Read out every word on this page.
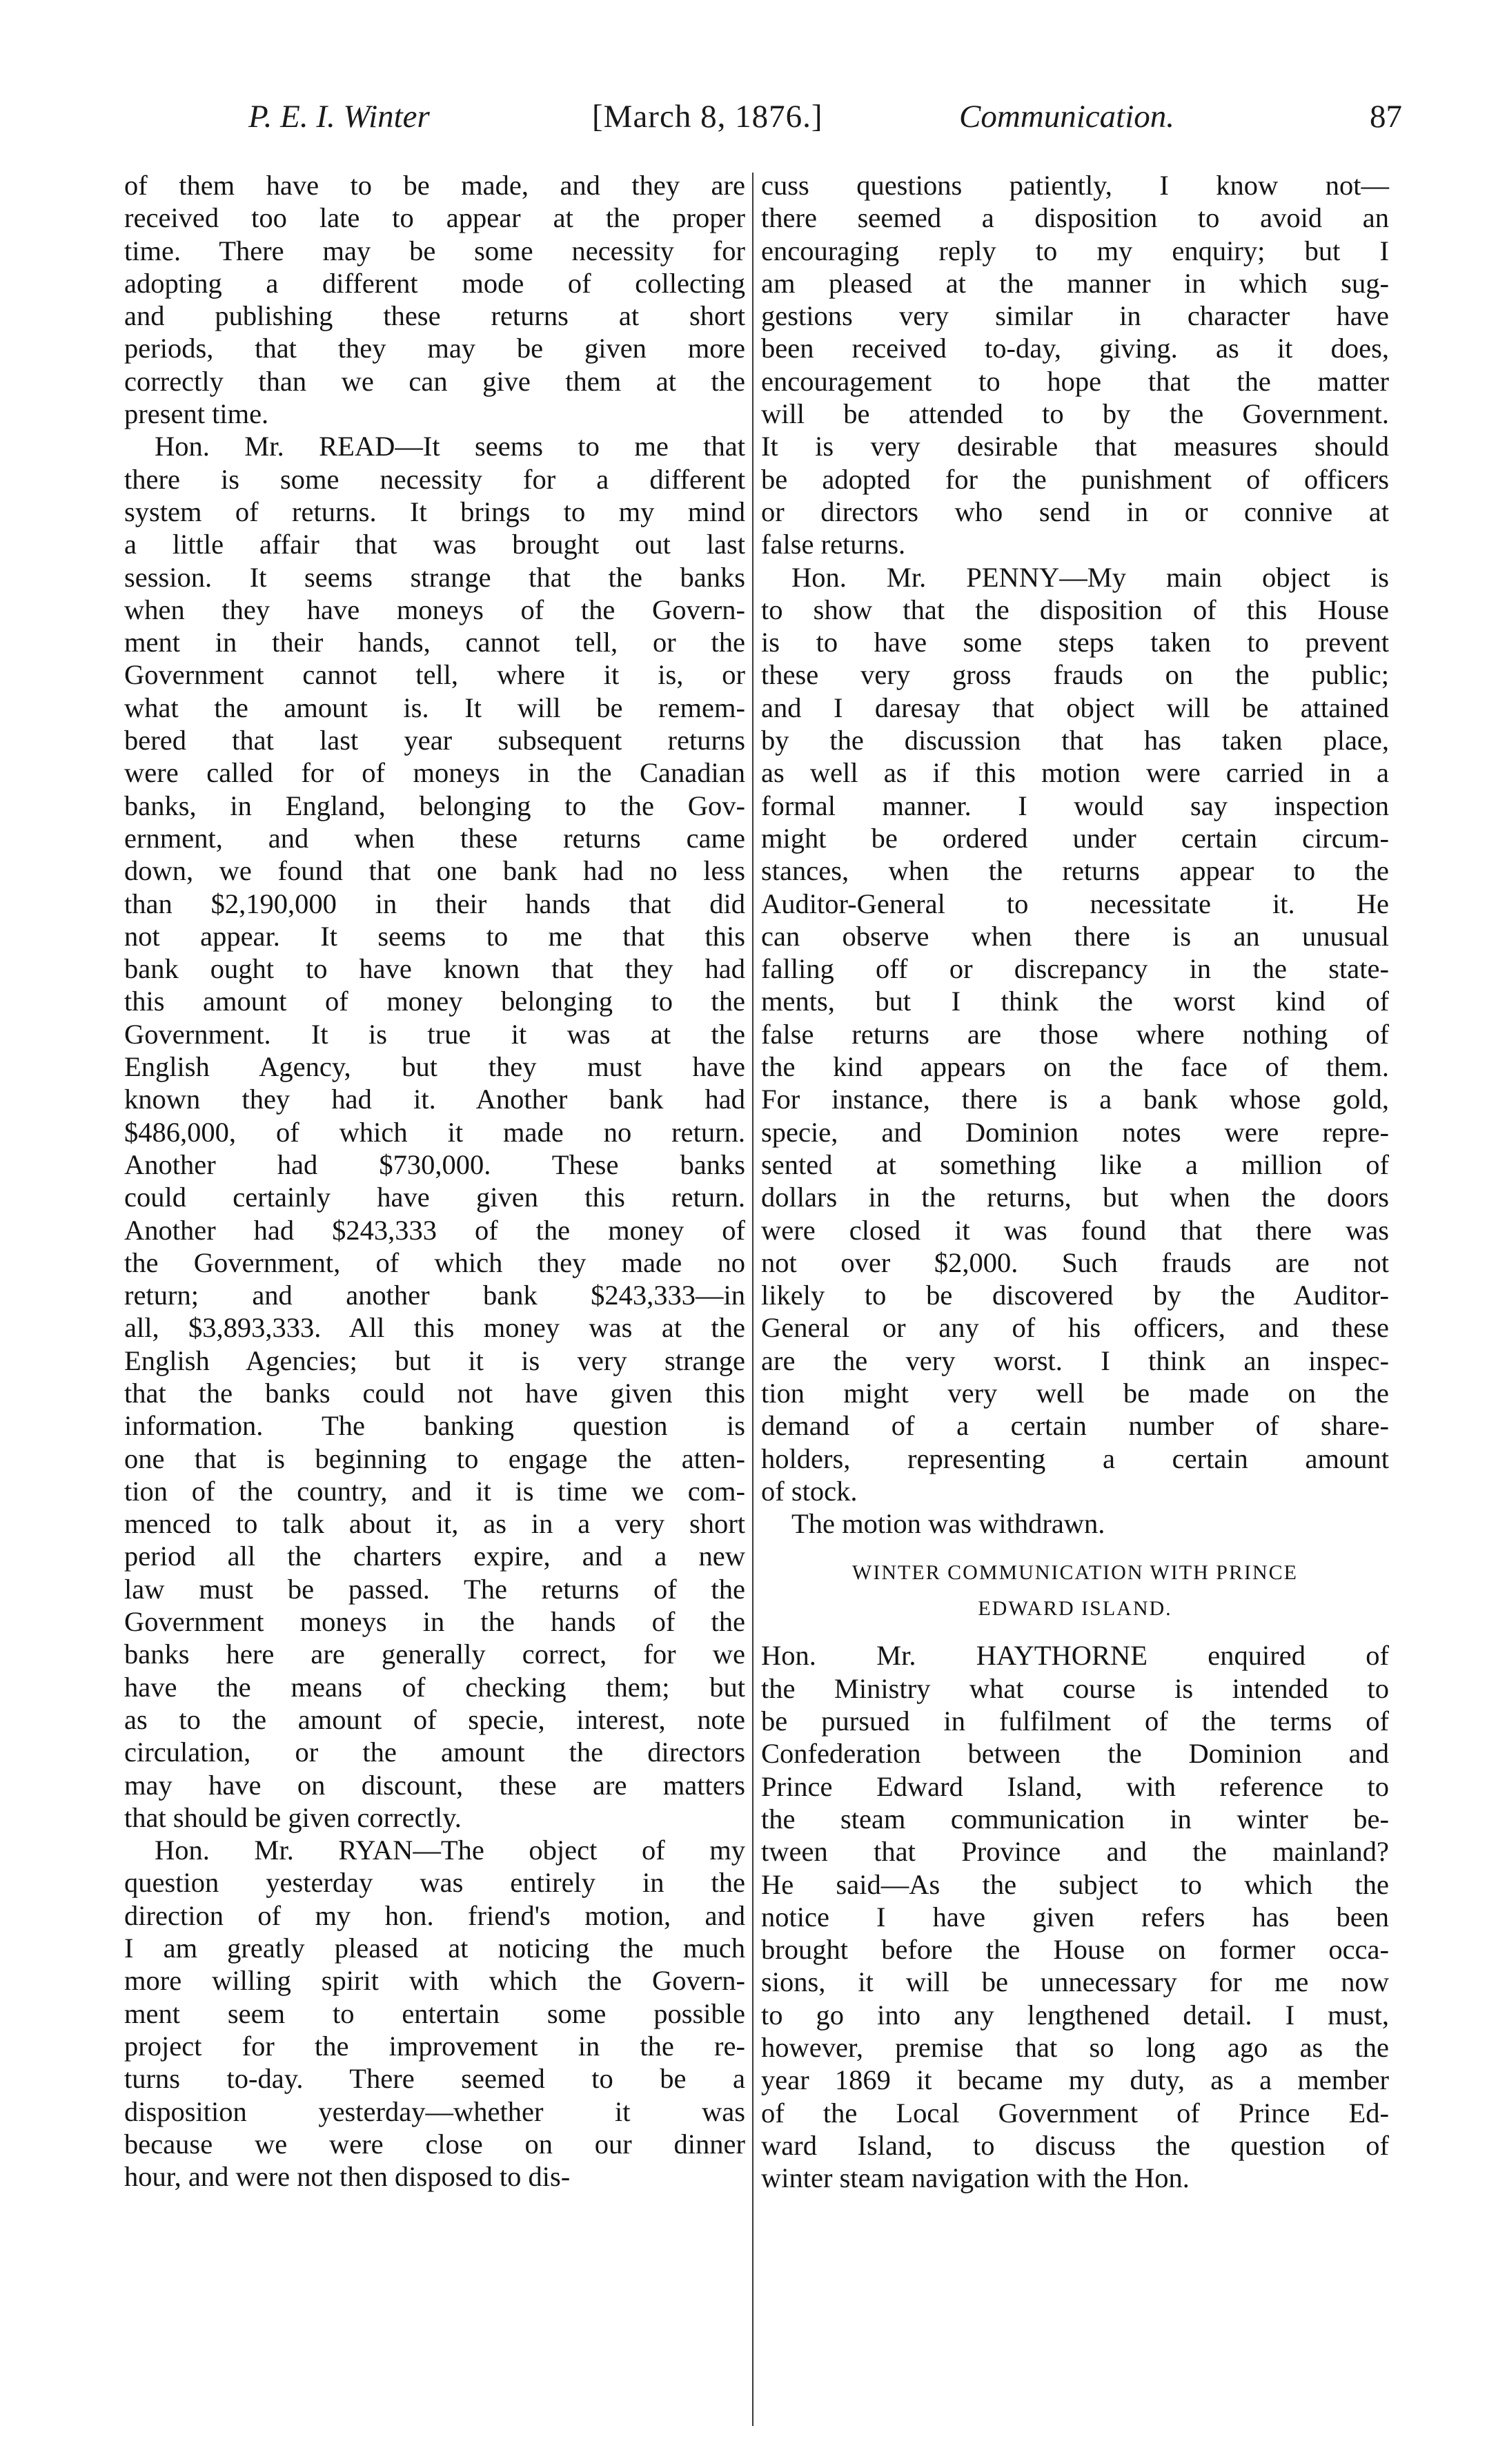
P. E. I. Winter	[March 8, 1876.]	Communication.	87

of them have to be made, and they are
received too late to appear at the proper
time. There may be some necessity for
adopting a different mode of collecting
and publishing these returns at short
periods, that they may be given more
correctly than we can give them at the
present time.

Hon. Mr. READ—It seems to me that
there is some necessity for a different
system of returns. It brings to my mind
a little affair that was brought out last
session. It seems strange that the banks
when they have moneys of the Govern-
ment in their hands, cannot tell, or the
Government cannot tell, where it is, or
what the amount is. It will be remem-
bered that last year subsequent returns
were called for of moneys in the Canadian
banks, in England, belonging to the Gov-
ernment, and when these returns came
down, we found that one bank had no less
than $2,190,000 in their hands that did
not appear. It seems to me that this
bank ought to have known that they had
this amount of money belonging to the
Government. It is true it was at the
English Agency, but they must have
known they had it. Another bank had
$486,000, of which it made no return.
Another had $730,000. These banks
could certainly have given this return.
Another had $243,333 of the money of
the Government, of which they made no
return; and another bank $243,333—in
all, $3,893,333. All this money was at the
English Agencies; but it is very strange
that the banks could not have given this
information. The banking question is
one that is beginning to engage the atten-
tion of the country, and it is time we com-
menced to talk about it, as in a very short
period all the charters expire, and a new
law must be passed. The returns of the
Government moneys in the hands of the
banks here are generally correct, for we
have the means of checking them; but
as to the amount of specie, interest, note
circulation, or the amount the directors
may have on discount, these are matters
that should be given correctly.

Hon. Mr. RYAN—The object of my
question yesterday was entirely in the
direction of my hon. friend's motion, and
I am greatly pleased at noticing the much
more willing spirit with which the Govern-
ment seem to entertain some possible
project for the improvement in the re-
turns to-day. There seemed to be a
disposition yesterday—whether it was
because we were close on our dinner
hour, and were not then disposed to dis-

cuss questions patiently, I know not—
there seemed a disposition to avoid an
encouraging reply to my enquiry; but I
am pleased at the manner in which sug-
gestions very similar in character have
been received to-day, giving. as it does,
encouragement to hope that the matter
will be attended to by the Government.
It is very desirable that measures should
be adopted for the punishment of officers
or directors who send in or connive at
false returns.

Hon. Mr. PENNY—My main object is
to show that the disposition of this House
is to have some steps taken to prevent
these very gross frauds on the public;
and I daresay that object will be attained
by the discussion that has taken place,
as well as if this motion were carried in a
formal manner. I would say inspection
might be ordered under certain circum-
stances, when the returns appear to the
Auditor-General to necessitate it. He
can observe when there is an unusual
falling off or discrepancy in the state-
ments, but I think the worst kind of
false returns are those where nothing of
the kind appears on the face of them.
For instance, there is a bank whose gold,
specie, and Dominion notes were repre-
sented at something like a million of
dollars in the returns, but when the doors
were closed it was found that there was
not over $2,000. Such frauds are not
likely to be discovered by the Auditor-
General or any of his officers, and these
are the very worst. I think an inspec-
tion might very well be made on the
demand of a certain number of share-
holders, representing a certain amount
of stock.

The motion was withdrawn.

WINTER COMMUNICATION WITH PRINCE
EDWARD ISLAND.

Hon. Mr. HAYTHORNE enquired of
the Ministry what course is intended to
be pursued in fulfilment of the terms of
Confederation between the Dominion and
Prince Edward Island, with reference to
the steam communication in winter be-
tween that Province and the mainland?
He said—As the subject to which the
notice I have given refers has been
brought before the House on former occa-
sions, it will be unnecessary for me now
to go into any lengthened detail. I must,
however, premise that so long ago as the
year 1869 it became my duty, as a member
of the Local Government of Prince Ed-
ward Island, to discuss the question of
winter steam navigation with the Hon.
